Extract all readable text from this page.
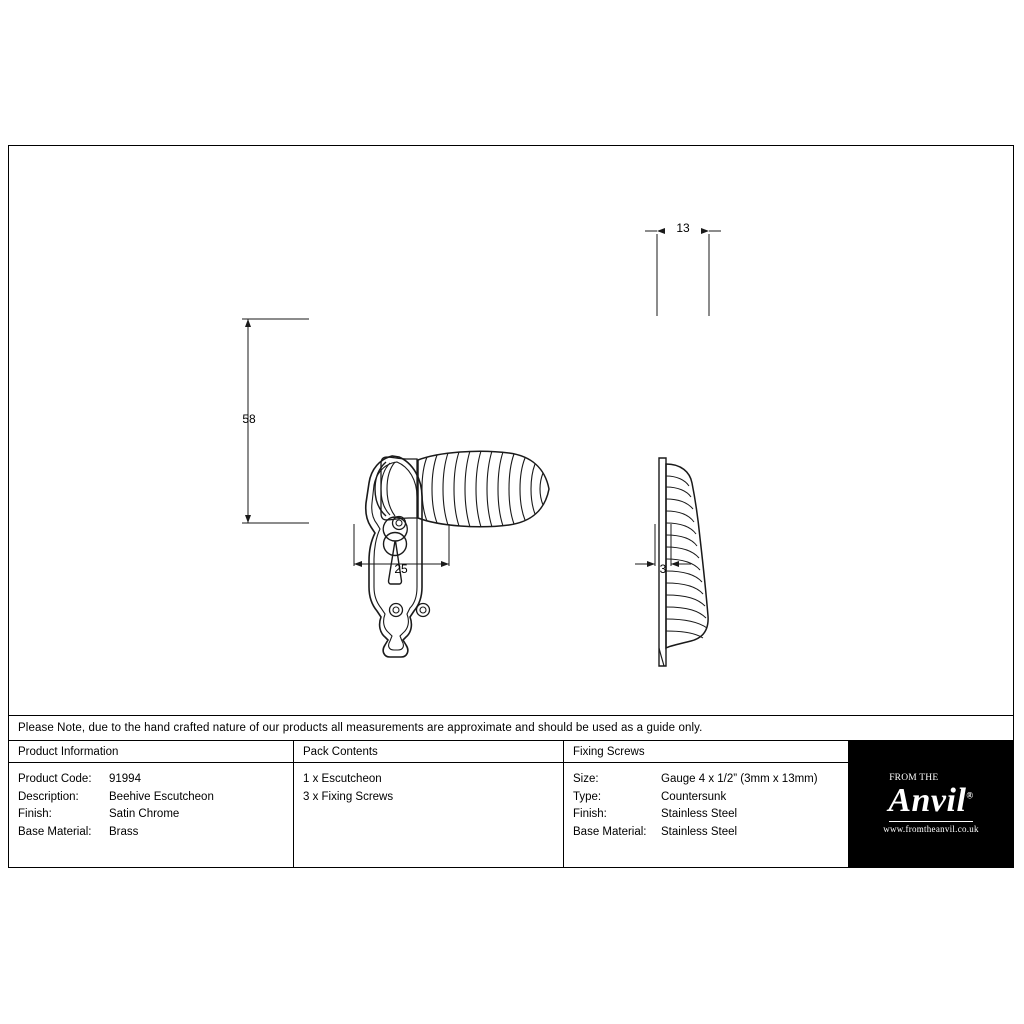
58
25
13
3
Please Note, due to the hand crafted nature of our products all measurements are approximate and should be used as a guide only.
Product Information
Product Code:	91994
Description:	Beehive Escutcheon
Finish:	Satin Chrome
Base Material:	Brass
Pack Contents
1 x Escutcheon
3 x Fixing Screws
Fixing Screws
Size:	Gauge 4 x 1/2” (3mm x 13mm)
Type:	Countersunk
Finish:	Stainless Steel
Base Material:	Stainless Steel
FROM THE
Anvil®
www.fromtheanvil.co.uk
